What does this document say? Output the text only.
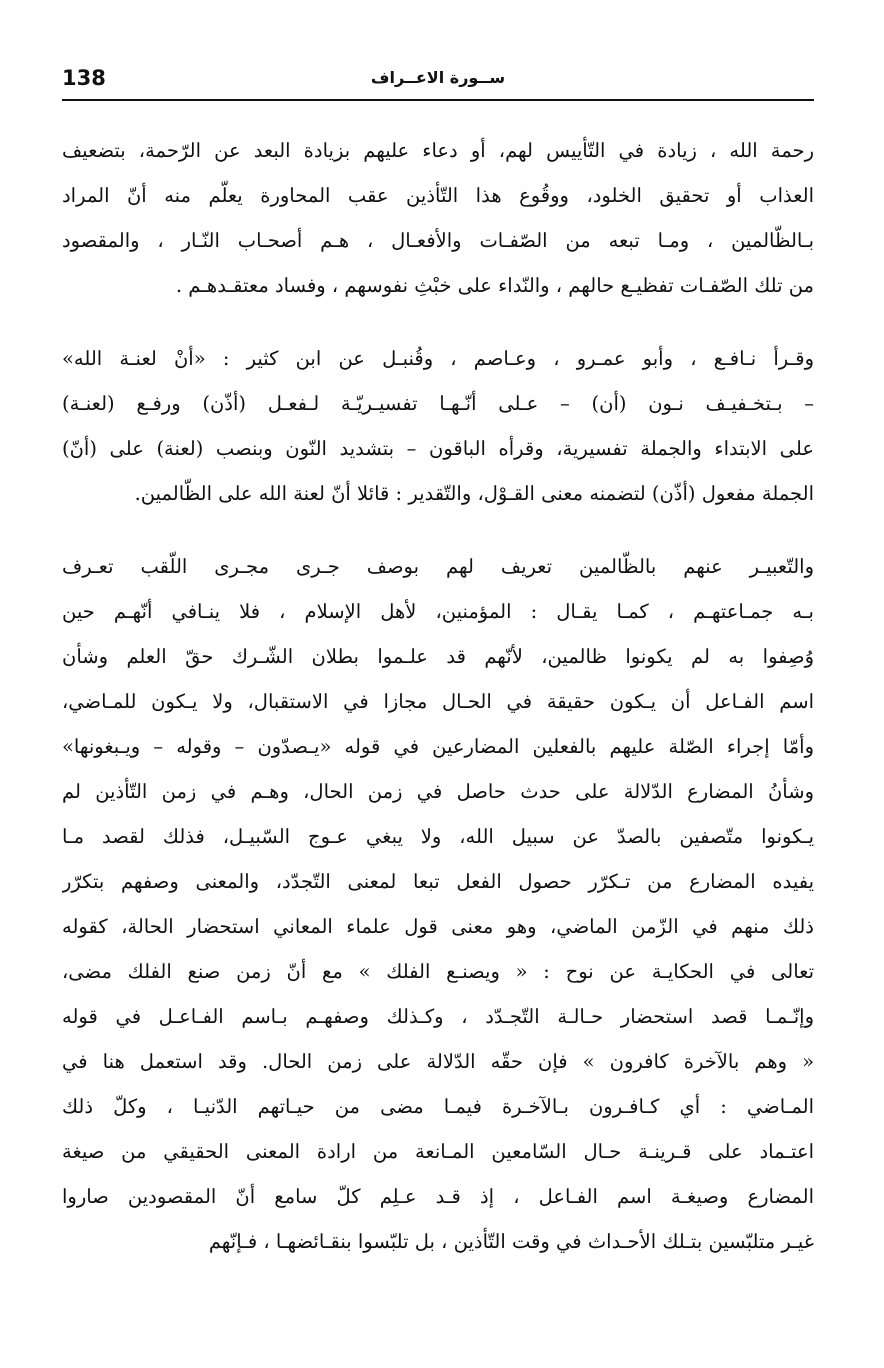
138	ســورة الاعــراف
رحمة الله ، زيادة في التّأييس لهم، أو دعاء عليهم بزيادة البعد عن الرّحمة، بتضعيف
العذاب أو تحقيق الخلود، ووقُوع هذا التّأذين عقب المحاورة يعلّم منه أنّ المراد
بـالظّالمين ، ومـا تبعه من الصّفـات والأفعـال ، هـم أصحـاب النّـار ، والمقصود
من تلك الصّفـات تفظيـع حالهم ، والنّداء على خبْثِ نفوسهم ، وفساد معتقـدهـم .
وقـرأ نـافـع ، وأبو عمـرو ، وعـاصم ، وقُنبـل عن ابن كثير : «أنْ لعنـة الله»
– بـتخـفيـف نـون (أن) – عـلى أنّـهـا تفسيـريّـة لـفعـل (أذّن) ورفـع (لعنـة)
على الابتداء والجملة تفسيرية، وقرأه الباقون – بتشديد النّون وبنصب (لعنة) على (أنّ)
الجملة مفعول (أذّن) لتضمنه معنى القـوْل، والتّقدير : قائلا أنّ لعنة الله على الظّالمين.
والتّعبيـر عنهم بالظّالمين تعريف لهم بوصف جـرى مجـرى اللّقب تعـرف
بـه جمـاعتهـم ، كمـا يقـال : المؤمنين، لأهل الإسلام ، فلا ينـافي أنّهـم حين
وُصِفوا به لم يكونوا ظالمين، لأنّهم قد علـموا بطلان الشّـرك حقّ العلم وشأن
اسم الفـاعل أن يـكون حقيقة في الحـال مجازا في الاستقبال، ولا يـكون للمـاضي،
وأمّا إجراء الصّلة عليهم بالفعلين المضارعين في قوله «يـصدّون – وقوله – ويـبغونها»
وشأنُ المضارع الدّلالة على حدث حاصل في زمن الحال، وهـم في زمن التّأذين لم
يـكونوا متّصفين بالصدّ عن سبيل الله، ولا يبغي عـوج السّبيـل، فذلك لقصد مـا
يفيده المضارع من تـكرّر حصول الفعل تبعا لمعنى التّجدّد، والمعنى وصفهم بتكرّر
ذلك منهم في الزّمن الماضي، وهو معنى قول علماء المعاني استحضار الحالة، كقوله
تعالى في الحكايـة عن نوح : « ويصنـع الفلك » مع أنّ زمن صنع الفلك مضى،
وإنّـمـا قصد استحضار حـالـة التّجـدّد ، وكـذلك وصفهـم بـاسم الفـاعـل في قوله
« وهم بالآخرة كافرون » فإن حقّه الدّلالة على زمن الحال. وقد استعمل هنا في
المـاضي : أي كـافـرون بـالآخـرة فيمـا مضى من حيـاتهم الدّنيـا ، وكلّ ذلك
اعتـماد على قـرينـة حـال السّامعين المـانعة من ارادة المعنى الحقيقي من صيغة
المضارع وصيغـة اسم الفـاعل ، إذ قـد عـلِم كلّ سامع أنّ المقصودين صاروا
غيـر متلبّسين بتـلك الأحـداث في وقت التّأذين ، بل تلبّسوا بنقـائضهـا ، فـإنّهم
